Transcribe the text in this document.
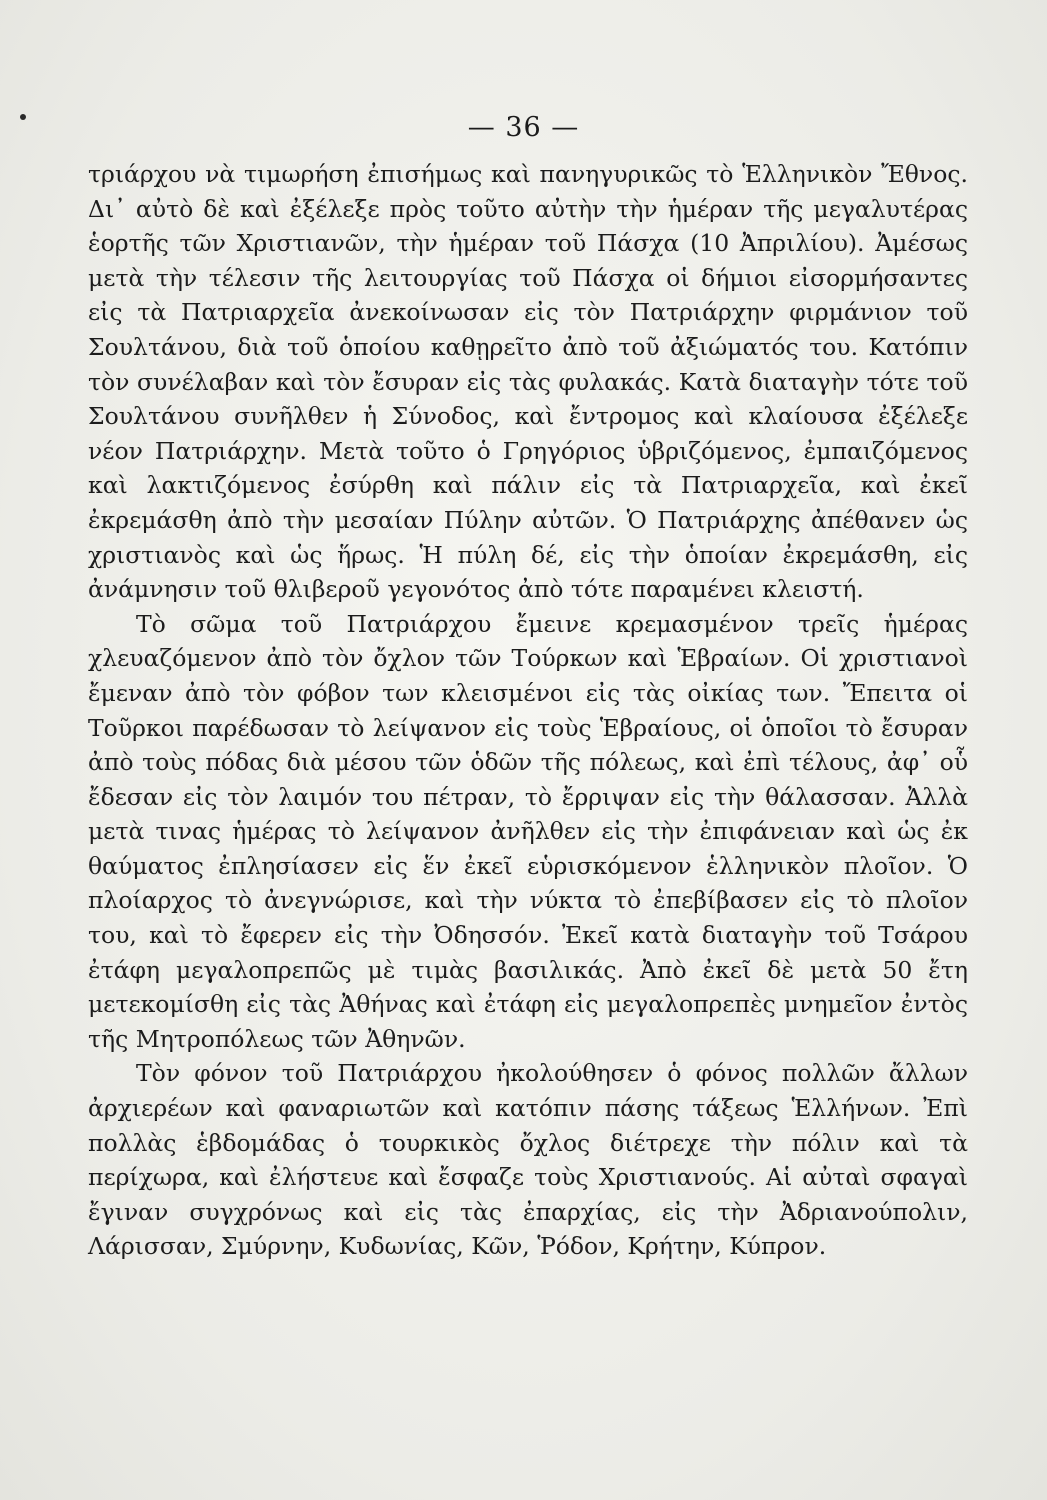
— 36 —

τριάρχου νὰ τιμωρήση ἐπισήμως καὶ πανηγυρικῶς τὸ Ἑλληνικὸν Ἔθνος. Δι᾿ αὐτὸ δὲ καὶ ἐξέλεξε πρὸς τοῦτο αὐτὴν τὴν ἡμέραν τῆς μεγαλυτέρας ἑορτῆς τῶν Χριστιανῶν, τὴν ἡμέραν τοῦ Πάσχα (10 Ἀπριλίου). Ἀμέσως μετὰ τὴν τέλεσιν τῆς λειτουργίας τοῦ Πάσχα οἱ δήμιοι εἰσορμήσαντες εἰς τὰ Πατριαρχεῖα ἀνεκοίνωσαν εἰς τὸν Πατριάρχην φιρμάνιον τοῦ Σουλτάνου, διὰ τοῦ ὁποίου καθῃρεῖτο ἀπὸ τοῦ ἀξιώματός του. Κατόπιν τὸν συνέλαβαν καὶ τὸν ἔσυραν εἰς τὰς φυλακάς. Κατὰ διαταγὴν τότε τοῦ Σουλτάνου συνῆλθεν ἡ Σύνοδος, καὶ ἔντρομος καὶ κλαίουσα ἐξέλεξε νέον Πατριάρχην. Μετὰ τοῦτο ὁ Γρηγόριος ὑβριζόμενος, ἐμπαιζόμενος καὶ λακτιζόμενος ἐσύρθη καὶ πάλιν εἰς τὰ Πατριαρχεῖα, καὶ ἐκεῖ ἐκρεμάσθη ἀπὸ τὴν μεσαίαν Πύλην αὐτῶν. Ὁ Πατριάρχης ἀπέθανεν ὡς χριστιανὸς καὶ ὡς ἥρως. Ἡ πύλη δέ, εἰς τὴν ὁποίαν ἐκρεμάσθη, εἰς ἀνάμνησιν τοῦ θλιβεροῦ γεγονότος ἀπὸ τότε παραμένει κλειστή.

Τὸ σῶμα τοῦ Πατριάρχου ἔμεινε κρεμασμένον τρεῖς ἡμέρας χλευαζόμενον ἀπὸ τὸν ὄχλον τῶν Τούρκων καὶ Ἑβραίων. Οἱ χριστιανοὶ ἔμεναν ἀπὸ τὸν φόβον των κλεισμένοι εἰς τὰς οἰκίας των. Ἔπειτα οἱ Τοῦρκοι παρέδωσαν τὸ λείψανον εἰς τοὺς Ἑβραίους, οἱ ὁποῖοι τὸ ἔσυραν ἀπὸ τοὺς πόδας διὰ μέσου τῶν ὁδῶν τῆς πόλεως, καὶ ἐπὶ τέλους, ἀφ᾿ οὗ ἔδεσαν εἰς τὸν λαιμόν του πέτραν, τὸ ἔρριψαν εἰς τὴν θάλασσαν. Ἀλλὰ μετὰ τινας ἡμέρας τὸ λείψανον ἀνῆλθεν εἰς τὴν ἐπιφάνειαν καὶ ὡς ἐκ θαύματος ἐπλησίασεν εἰς ἕν ἐκεῖ εὑρισκόμενον ἑλληνικὸν πλοῖον. Ὁ πλοίαρχος τὸ ἀνεγνώρισε, καὶ τὴν νύκτα τὸ ἐπεβίβασεν εἰς τὸ πλοῖον του, καὶ τὸ ἔφερεν εἰς τὴν Ὀδησσόν. Ἐκεῖ κατὰ διαταγὴν τοῦ Τσάρου ἐτάφη μεγαλοπρεπῶς μὲ τιμὰς βασιλικάς. Ἀπὸ ἐκεῖ δὲ μετὰ 50 ἔτη μετεκομίσθη εἰς τὰς Ἀθήνας καὶ ἐτάφη εἰς μεγαλοπρεπὲς μνημεῖον ἐντὸς τῆς Μητροπόλεως τῶν Ἀθηνῶν.

Τὸν φόνον τοῦ Πατριάρχου ἠκολούθησεν ὁ φόνος πολλῶν ἄλλων ἀρχιερέων καὶ φαναριωτῶν καὶ κατόπιν πάσης τάξεως Ἑλλήνων. Ἐπὶ πολλὰς ἑβδομάδας ὁ τουρκικὸς ὄχλος διέτρεχε τὴν πόλιν καὶ τὰ περίχωρα, καὶ ἐλήστευε καὶ ἔσφαζε τοὺς Χριστιανούς. Αἱ αὐταὶ σφαγαὶ ἔγιναν συγχρόνως καὶ εἰς τὰς ἐπαρχίας, εἰς τὴν Ἀδριανούπολιν, Λάρισσαν, Σμύρνην, Κυδωνίας, Κῶν, Ῥόδον, Κρήτην, Κύπρον.
